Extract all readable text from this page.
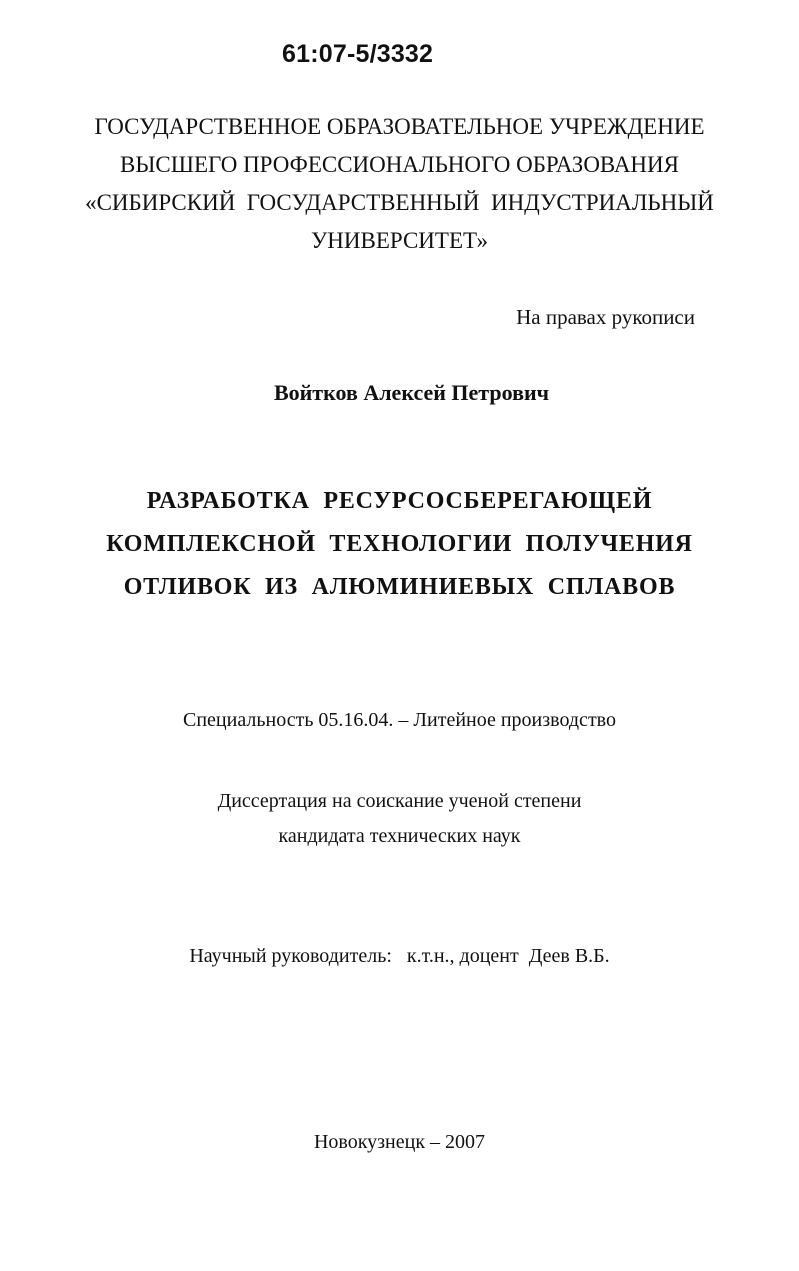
61:07-5/3332
ГОСУДАРСТВЕННОЕ ОБРАЗОВАТЕЛЬНОЕ УЧРЕЖДЕНИЕ
ВЫСШЕГО ПРОФЕССИОНАЛЬНОГО ОБРАЗОВАНИЯ
«СИБИРСКИЙ  ГОСУДАРСТВЕННЫЙ  ИНДУСТРИАЛЬНЫЙ
УНИВЕРСИТЕТ»
На правах рукописи
Войтков Алексей Петрович
РАЗРАБОТКА  РЕСУРСОСБЕРЕГАЮЩЕЙ
КОМПЛЕКСНОЙ  ТЕХНОЛОГИИ  ПОЛУЧЕНИЯ
ОТЛИВОК  ИЗ  АЛЮМИНИЕВЫХ  СПЛАВОВ
Специальность 05.16.04. – Литейное производство
Диссертация на соискание ученой степени
кандидата технических наук
Научный руководитель:   к.т.н., доцент  Деев В.Б.
Новокузнецк – 2007
